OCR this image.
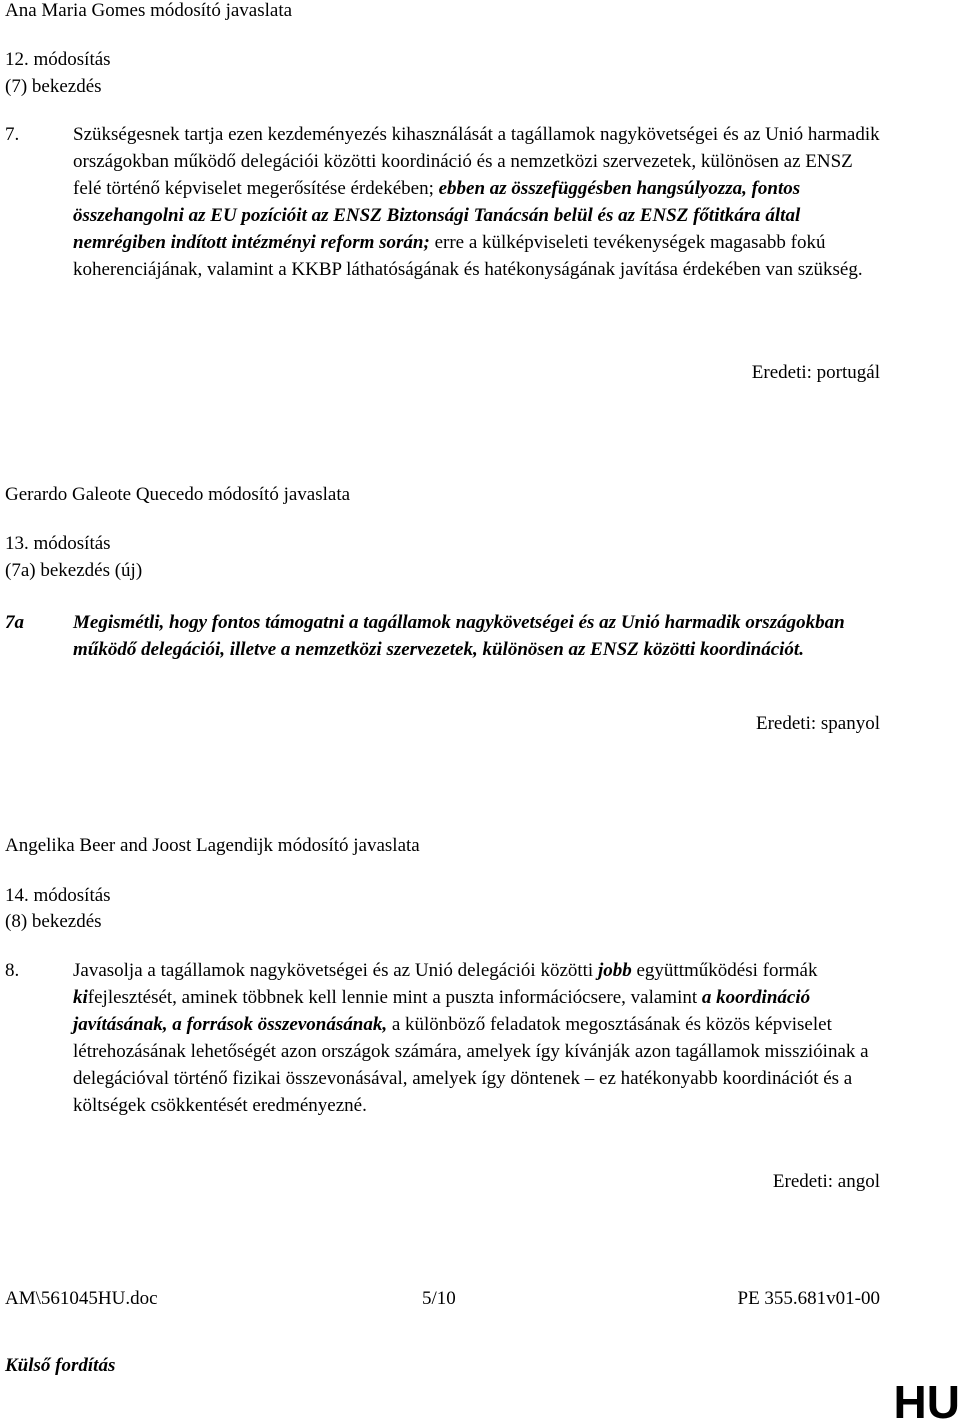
Ana Maria Gomes módosító javaslata

12. módosítás

(7) bekezdés

7.	Szükségesnek tartja ezen kezdeményezés kihasználását a tagállamok nagykövetségei és az Unió harmadik országokban működő delegációi közötti koordináció és a nemzetközi szervezetek, különösen az ENSZ felé történő képviselet megerősítése érdekében; ebben az összefüggésben hangsúlyozza, fontos összehangolni az EU pozícióit az ENSZ Biztonsági Tanácsán belül és az ENSZ főtitkára által nemrégiben indított intézményi reform során; erre a külképviseleti tevékenységek magasabb fokú koherenciájának, valamint a KKBP láthatóságának és hatékonyságának javítása érdekében van szükség.

Eredeti: portugál

Gerardo Galeote Quecedo módosító javaslata

13. módosítás

(7a) bekezdés (új)

7a	Megismétli, hogy fontos támogatni a tagállamok nagykövetségei és az Unió harmadik országokban működő delegációi, illetve a nemzetközi szervezetek, különösen az ENSZ közötti koordinációt.

Eredeti: spanyol

Angelika Beer and Joost Lagendijk módosító javaslata

14. módosítás

(8) bekezdés

8.	Javasolja a tagállamok nagykövetségei és az Unió delegációi közötti jobb együttműködési formák kifejlesztését, aminek többnek kell lennie mint a puszta információcsere, valamint a koordináció javításának, a források összevonásának, a különböző feladatok megosztásának és közös képviselet létrehozásának lehetőségét azon országok számára, amelyek így kívánják azon tagállamok misszióinak a delegációval történő fizikai összevonásával, amelyek így döntenek – ez hatékonyabb koordinációt és a költségek csökkentését eredményezné.

Eredeti: angol

AM\561045HU.doc	5/10	PE 355.681v01-00

Külső fordítás

HU
